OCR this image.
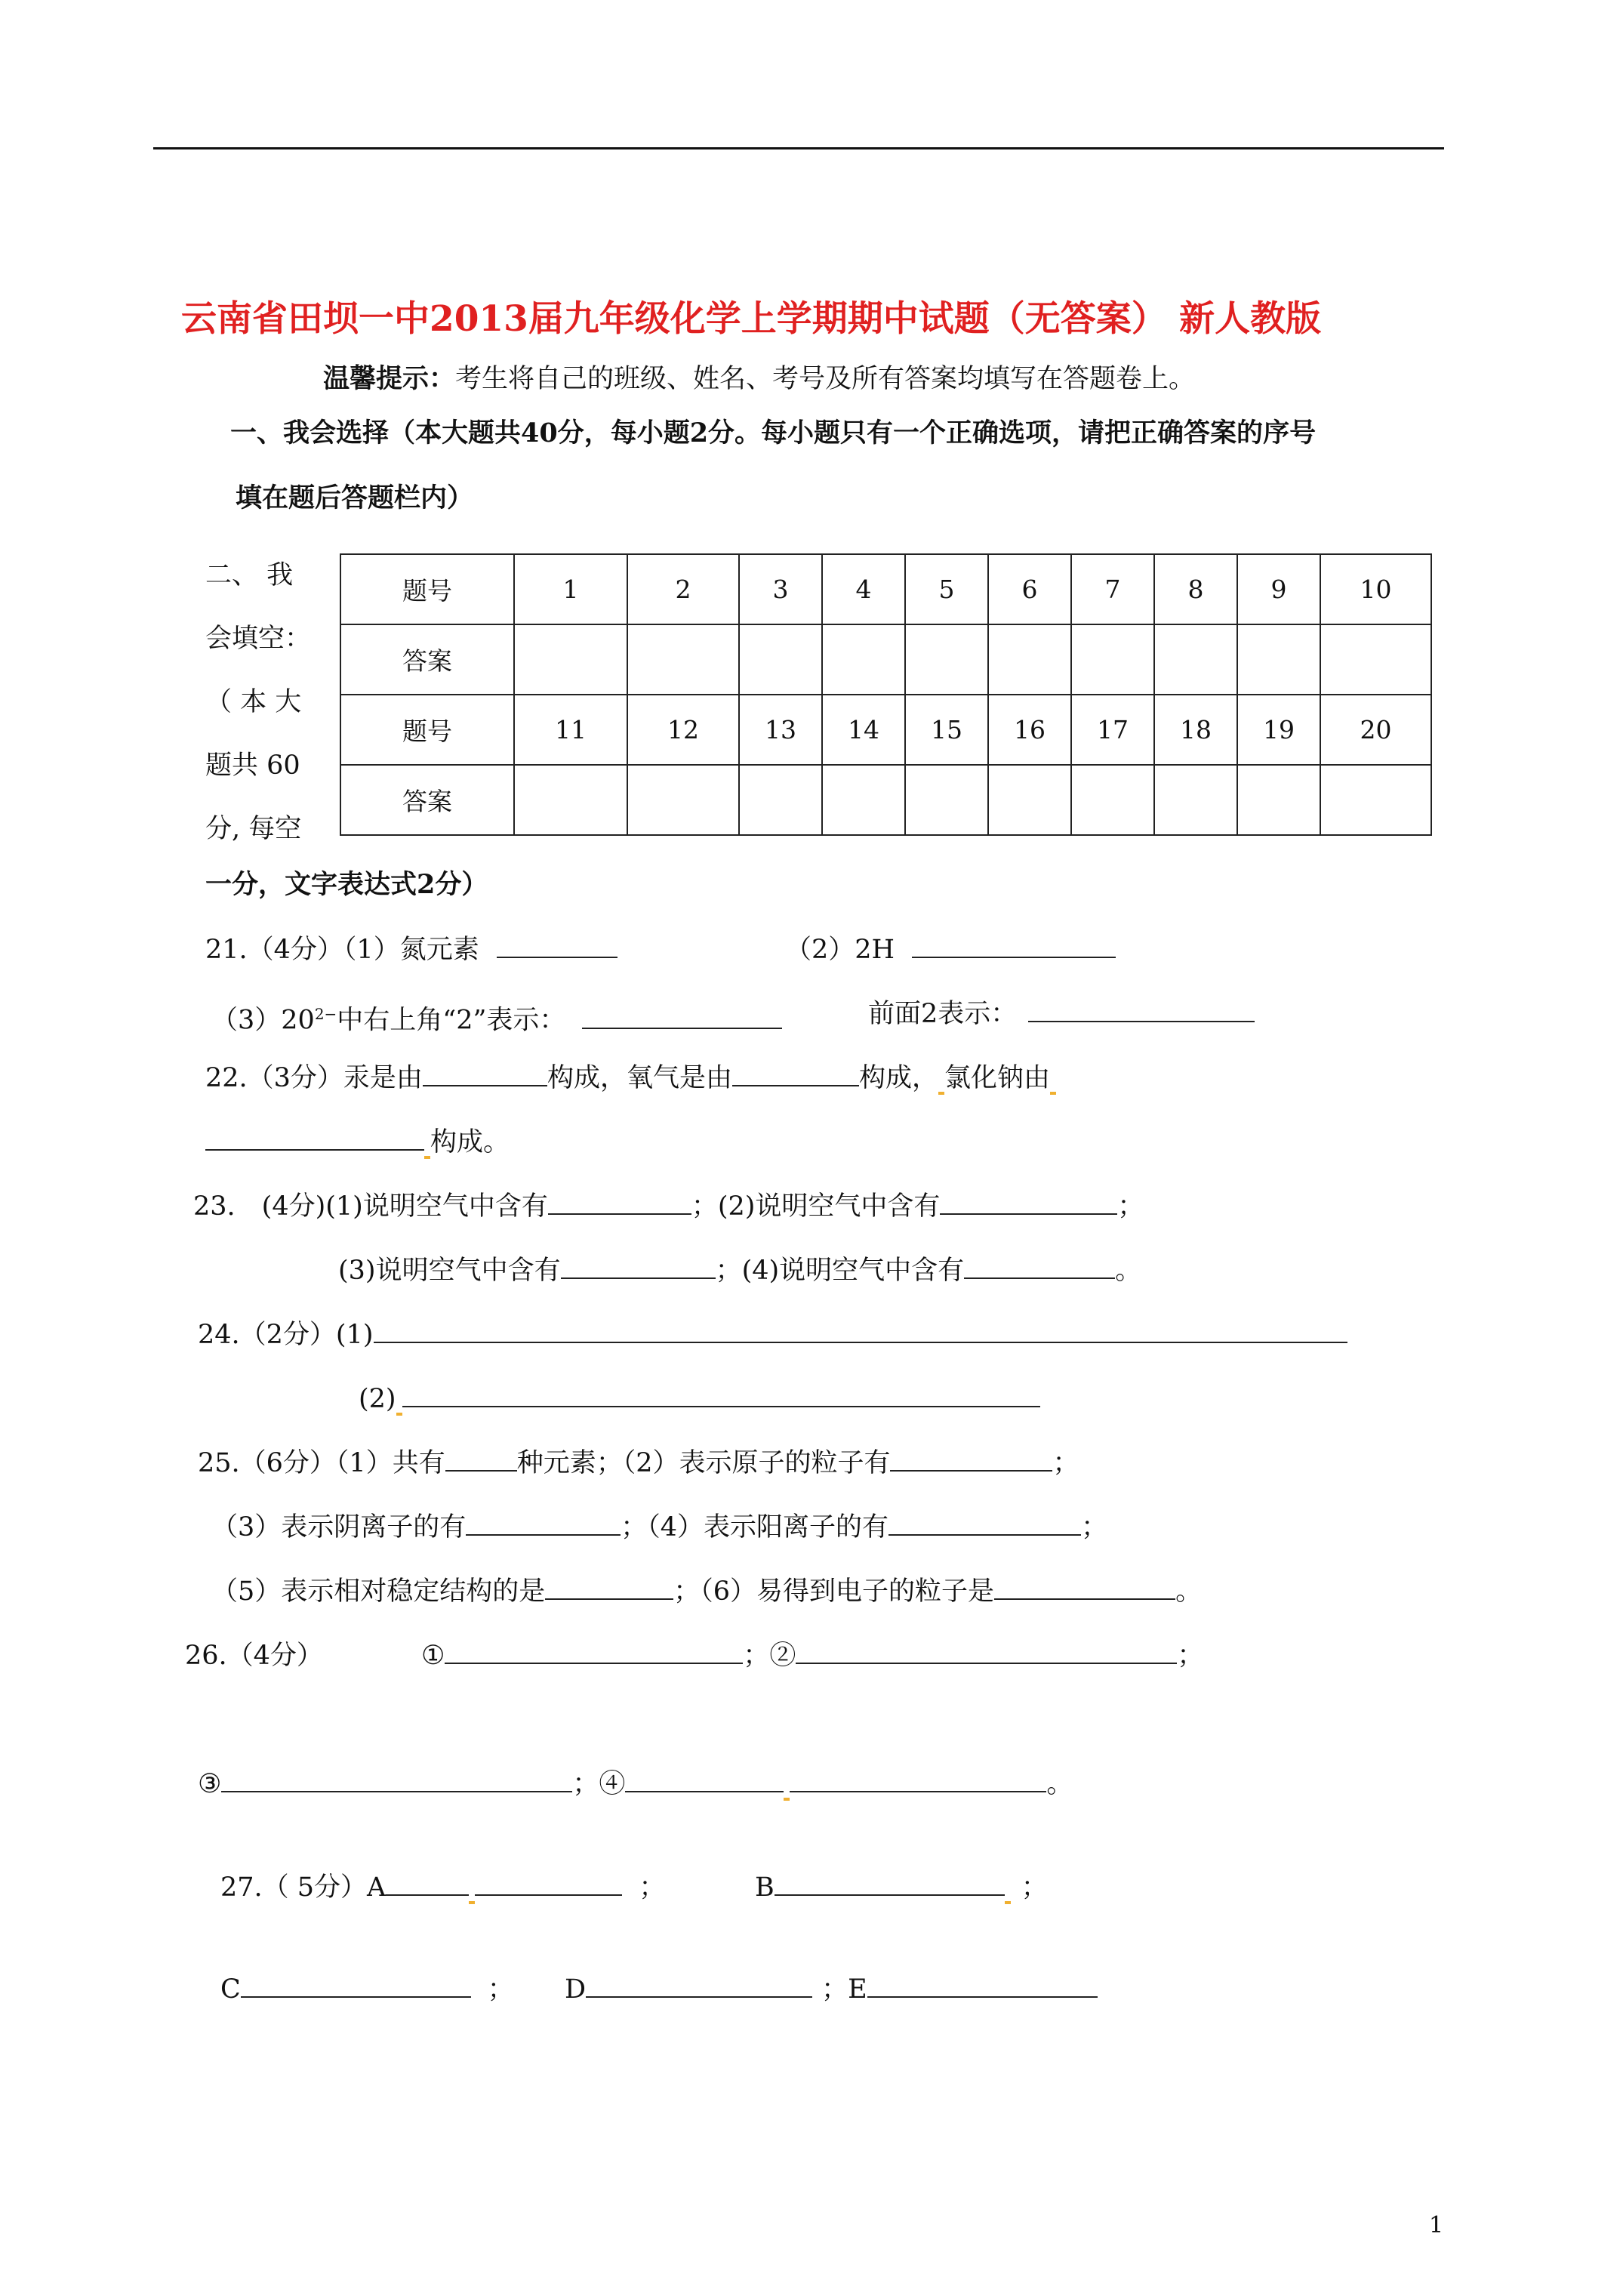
云南省田坝一中2013届九年级化学上学期期中试题（无答案） 新人教版
温馨提示：考生将自己的班级、姓名、考号及所有答案均填写在答题卷上。
一、我会选择（本大题共40分，每小题2分。每小题只有一个正确选项，请把正确答案的序号
填在题后答题栏内）
二、 我
会填空：
（ 本 大
题共 60
分, 每空
题号	1	2	3	4	5	6	7	8	9	10
答案										
题号	11	12	13	14	15	16	17	18	19	20
答案										
一分，文字表达式2分）
21.（4分）（1）氮元素	（2）2H
$(3)20^{2-}$中右上角“2”表示：	前面2表示：
22.（3分）汞是由	构成，氧气是由	构成， 氯化钠由
构成。
23.　(4分)(1)说明空气中含有	；(2)说明空气中含有	；
(3)说明空气中含有	；(4)说明空气中含有	。
24.（2分）(1)
(2)
25.（6分）（1）共有	种元素；（2）表示原子的粒子有	；
（3）表示阴离子的有	；（4）表示阳离子的有	；
（5）表示相对稳定结构的是	；（6）易得到电子的粒子是	。
26.（4分）	①	；②	；
③	；④	。
27.（ 5分）A	；	B	；
C	； D	；E
1
